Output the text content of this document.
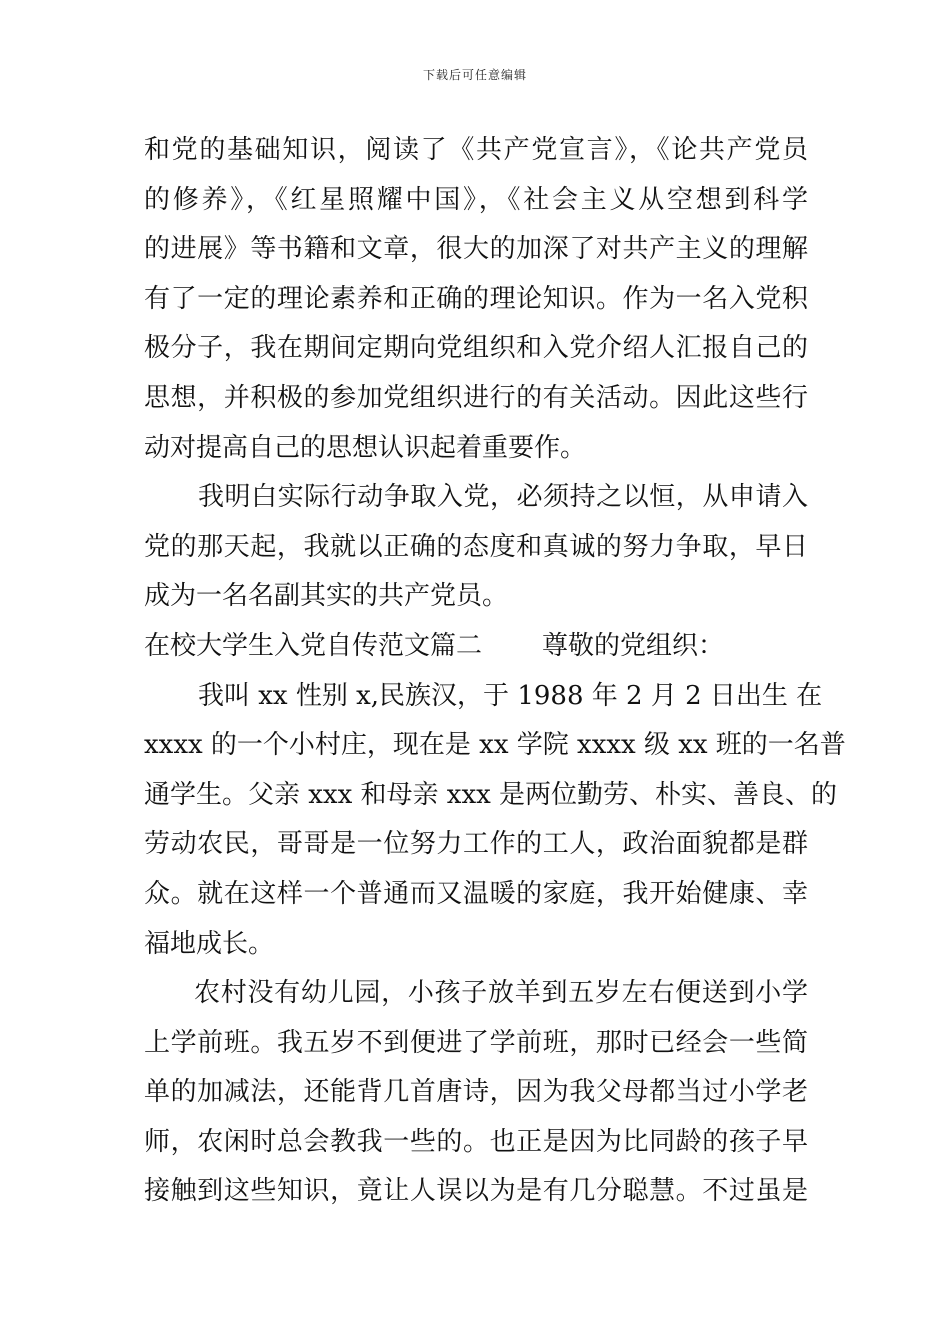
下载后可任意编辑
和党的基础知识，阅读了《共产党宣言》，《论共产党员
的修养》，《红星照耀中国》，《社会主义从空想到科学
的进展》等书籍和文章，很大的加深了对共产主义的理解
有了一定的理论素养和正确的理论知识。作为一名入党积
极分子，我在期间定期向党组织和入党介绍人汇报自己的
思想，并积极的参加党组织进行的有关活动。因此这些行
动对提高自己的思想认识起着重要作。
我明白实际行动争取入党，必须持之以恒，从申请入
党的那天起，我就以正确的态度和真诚的努力争取，早日
成为一名名副其实的共产党员。
在校大学生入党自传范文篇二 尊敬的党组织：
我叫 xx 性别 x,民族汉，于 1988 年 2 月 2 日出生 在
xxxx 的一个小村庄，现在是 xx 学院 xxxx 级 xx 班的一名普
通学生。父亲 xxx 和母亲 xxx 是两位勤劳、朴实、善良、的
劳动农民，哥哥是一位努力工作的工人，政治面貌都是群
众。就在这样一个普通而又温暖的家庭，我开始健康、幸
福地成长。
农村没有幼儿园，小孩子放羊到五岁左右便送到小学
上学前班。我五岁不到便进了学前班，那时已经会一些简
单的加减法，还能背几首唐诗，因为我父母都当过小学老
师，农闲时总会教我一些的。也正是因为比同龄的孩子早
接触到这些知识，竟让人误以为是有几分聪慧。不过虽是
